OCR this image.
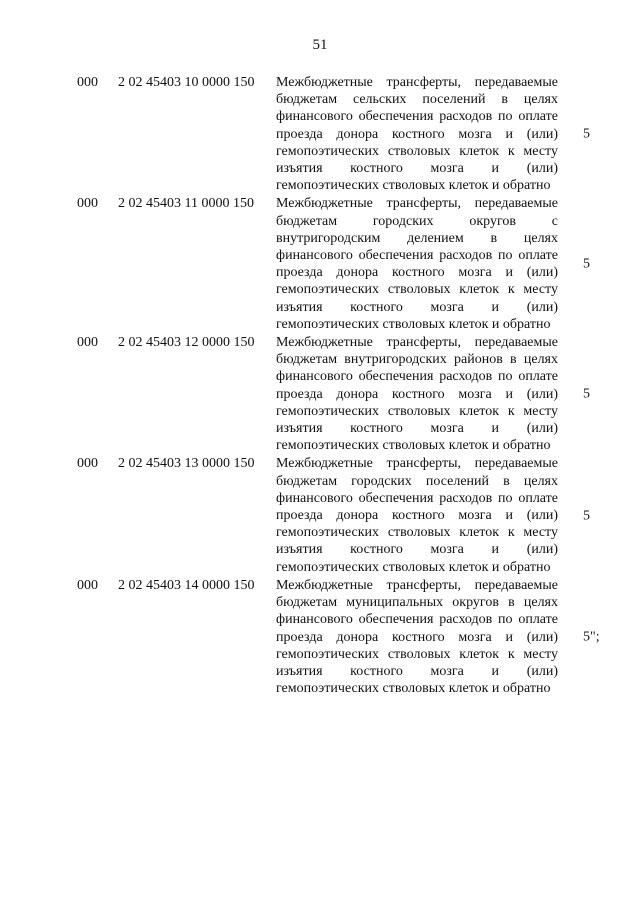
51
000 2 02 45403 10 0000 150 Межбюджетные трансферты, передаваемые бюджетам сельских поселений в целях финансового обеспечения расходов по оплате проезда донора костного мозга и (или) гемопоэтических стволовых клеток к месту изъятия костного мозга и (или) гемопоэтических стволовых клеток и обратно
5
000 2 02 45403 11 0000 150 Межбюджетные трансферты, передаваемые бюджетам городских округов с внутригородским делением в целях финансового обеспечения расходов по оплате проезда донора костного мозга и (или) гемопоэтических стволовых клеток к месту изъятия костного мозга и (или) гемопоэтических стволовых клеток и обратно
5
000 2 02 45403 12 0000 150 Межбюджетные трансферты, передаваемые бюджетам внутригородских районов в целях финансового обеспечения расходов по оплате проезда донора костного мозга и (или) гемопоэтических стволовых клеток к месту изъятия костного мозга и (или) гемопоэтических стволовых клеток и обратно
5
000 2 02 45403 13 0000 150 Межбюджетные трансферты, передаваемые бюджетам городских поселений в целях финансового обеспечения расходов по оплате проезда донора костного мозга и (или) гемопоэтических стволовых клеток к месту изъятия костного мозга и (или) гемопоэтических стволовых клеток и обратно
5
000 2 02 45403 14 0000 150 Межбюджетные трансферты, передаваемые бюджетам муниципальных округов в целях финансового обеспечения расходов по оплате проезда донора костного мозга и (или) гемопоэтических стволовых клеток к месту изъятия костного мозга и (или) гемопоэтических стволовых клеток и обратно
5";
